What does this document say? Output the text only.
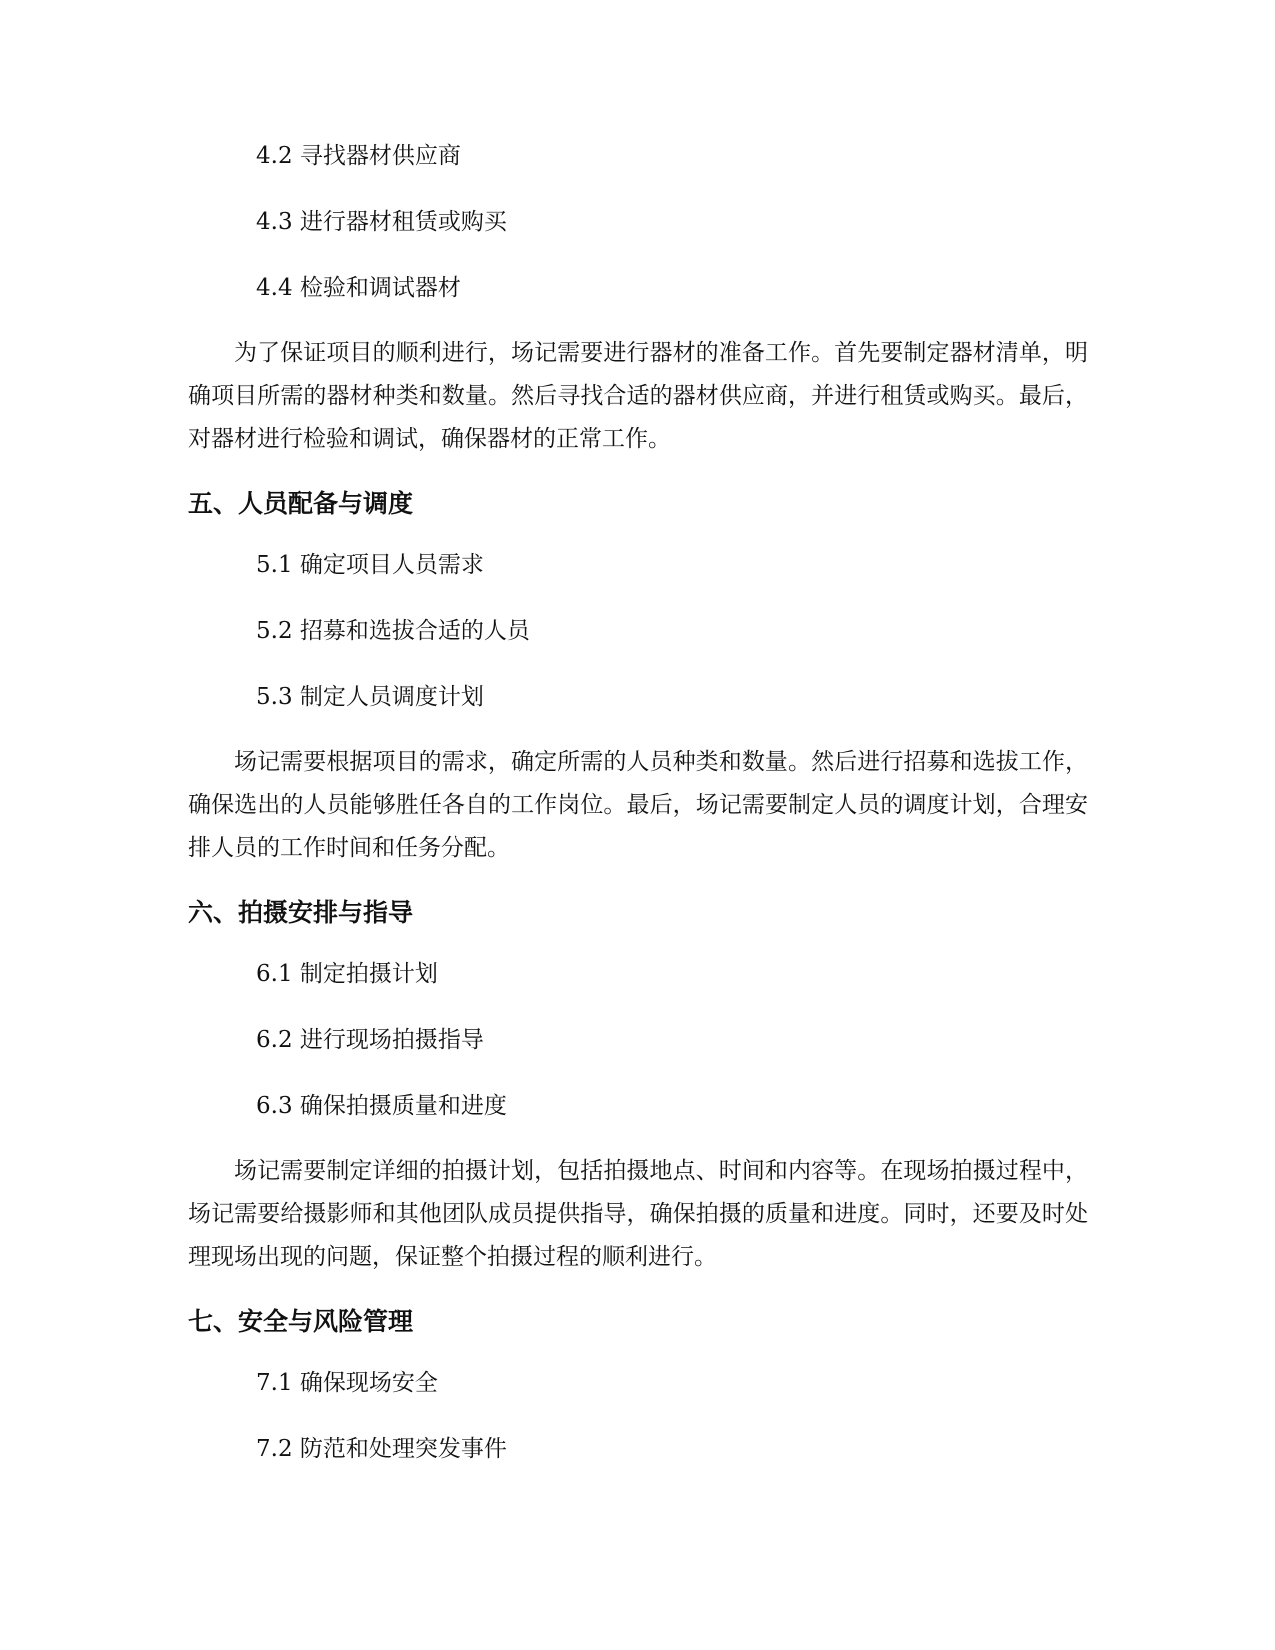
4.2 寻找器材供应商
4.3 进行器材租赁或购买
4.4 检验和调试器材

为了保证项目的顺利进行，场记需要进行器材的准备工作。首先要制定器材清单，明确项目所需的器材种类和数量。然后寻找合适的器材供应商，并进行租赁或购买。最后，对器材进行检验和调试，确保器材的正常工作。

五、人员配备与调度
5.1 确定项目人员需求
5.2 招募和选拔合适的人员
5.3 制定人员调度计划

场记需要根据项目的需求，确定所需的人员种类和数量。然后进行招募和选拔工作，确保选出的人员能够胜任各自的工作岗位。最后，场记需要制定人员的调度计划，合理安排人员的工作时间和任务分配。

六、拍摄安排与指导
6.1 制定拍摄计划
6.2 进行现场拍摄指导
6.3 确保拍摄质量和进度

场记需要制定详细的拍摄计划，包括拍摄地点、时间和内容等。在现场拍摄过程中，场记需要给摄影师和其他团队成员提供指导，确保拍摄的质量和进度。同时，还要及时处理现场出现的问题，保证整个拍摄过程的顺利进行。

七、安全与风险管理
7.1 确保现场安全
7.2 防范和处理突发事件
